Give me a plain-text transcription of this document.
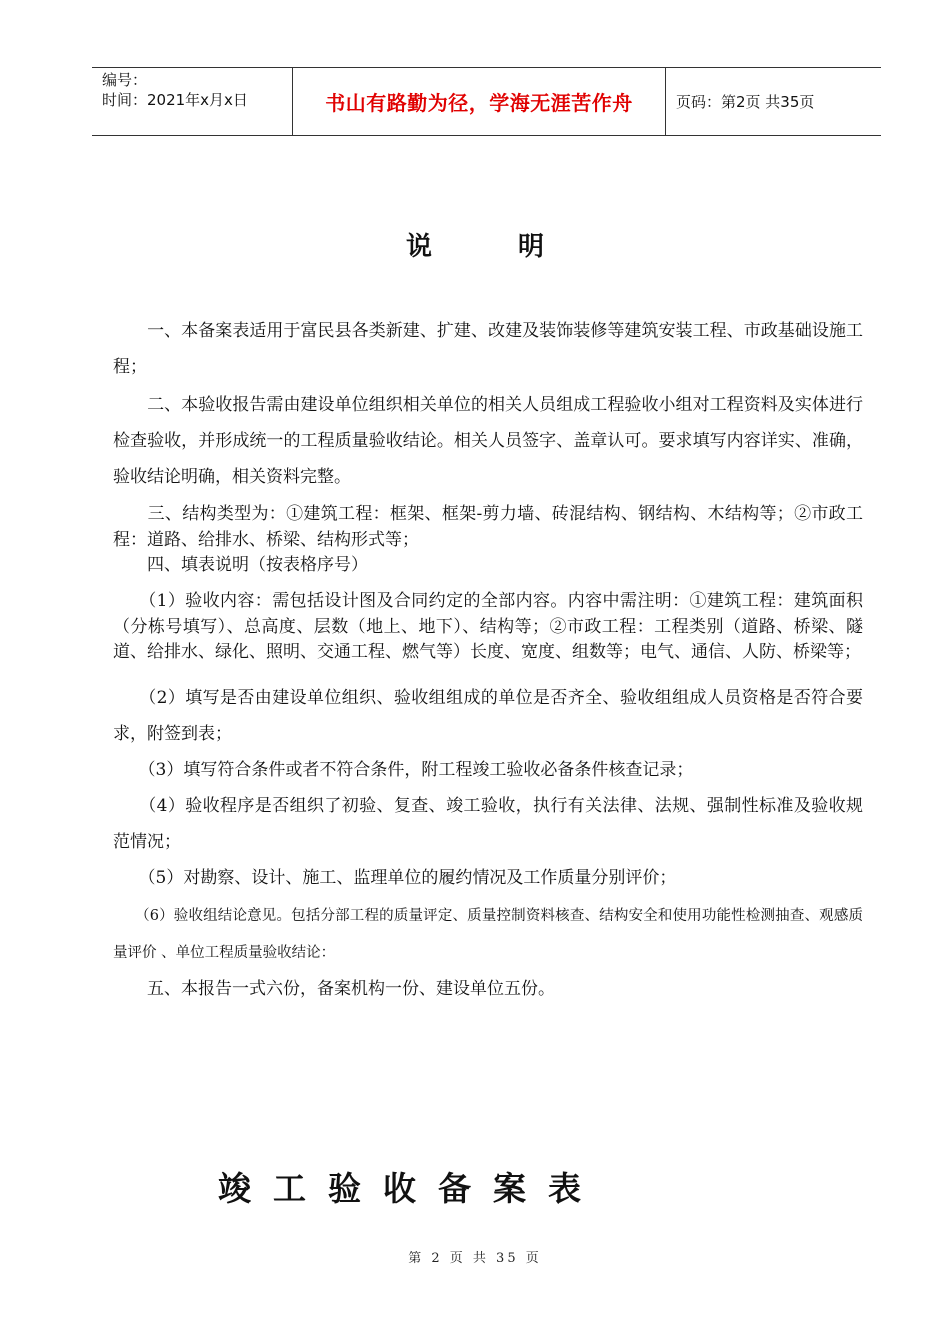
编号：
时间：2021年x月x日	书山有路勤为径，学海无涯苦作舟	页码：第2页 共35页
说明

　　一、本备案表适用于富民县各类新建、扩建、改建及装饰装修等建筑安装工程、市政基础设施工程；

　　二、本验收报告需由建设单位组织相关单位的相关人员组成工程验收小组对工程资料及实体进行检查验收，并形成统一的工程质量验收结论。相关人员签字、盖章认可。要求填写内容详实、准确，验收结论明确，相关资料完整。

　　三、结构类型为：①建筑工程：框架、框架-剪力墙、砖混结构、钢结构、木结构等；②市政工程：道路、给排水、桥梁、结构形式等；

　　四、填表说明（按表格序号）

　　（1）验收内容：需包括设计图及合同约定的全部内容。内容中需注明：①建筑工程：建筑面积（分栋号填写）、总高度、层数（地上、地下）、结构等；②市政工程：工程类别（道路、桥梁、隧道、给排水、绿化、照明、交通工程、燃气等）长度、宽度、组数等；电气、通信、人防、桥梁等；

　　（2）填写是否由建设单位组织、验收组组成的单位是否齐全、验收组组成人员资格是否符合要求，附签到表；

　　（3）填写符合条件或者不符合条件，附工程竣工验收必备条件核查记录；

　　（4）验收程序是否组织了初验、复查、竣工验收，执行有关法律、法规、强制性标准及验收规范情况；

　　（5）对勘察、设计、施工、监理单位的履约情况及工作质量分别评价；

　　（6）验收组结论意见。包括分部工程的质量评定、质量控制资料核查、结构安全和使用功能性检测抽查、观感质量评价 、单位工程质量验收结论：

　　五、本报告一式六份，备案机构一份、建设单位五份。

竣工验收备案表
第 2 页 共 35 页
